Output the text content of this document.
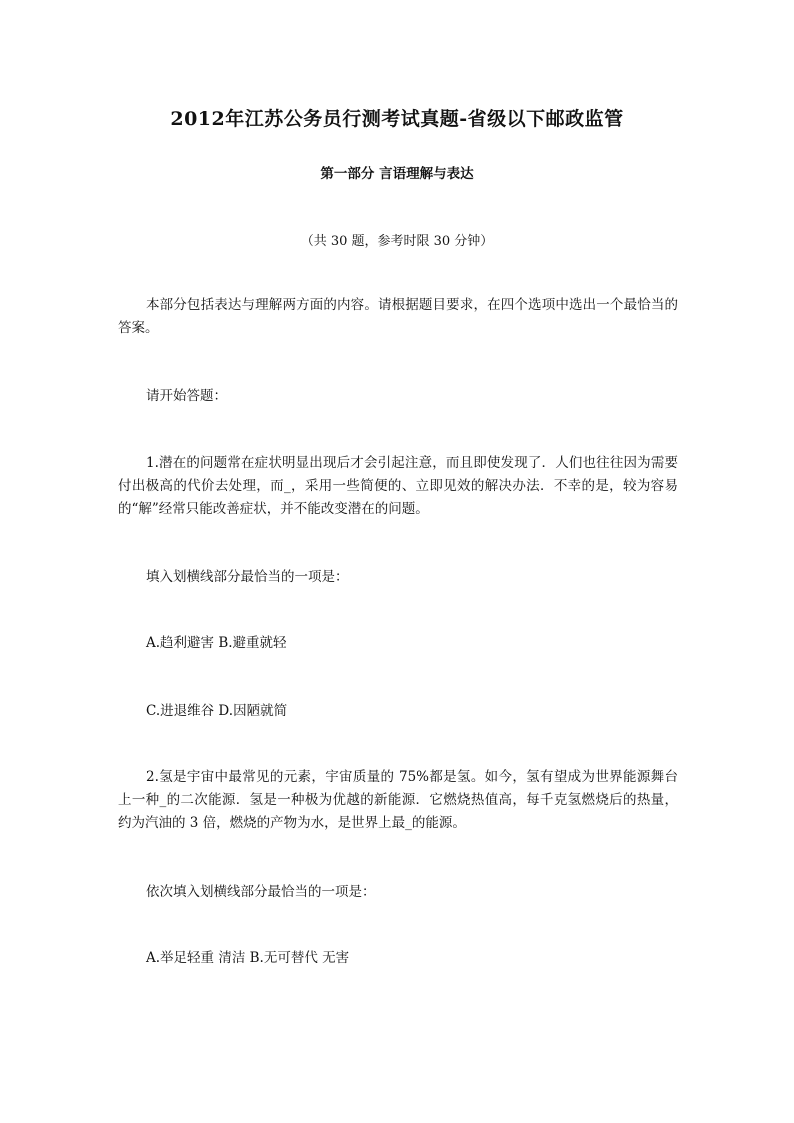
2012年江苏公务员行测考试真题-省级以下邮政监管
第一部分 言语理解与表达
（共 30 题，参考时限 30 分钟）

本部分包括表达与理解两方面的内容。请根据题目要求，在四个选项中选出一个最恰当的答案。

请开始答题：

1.潜在的问题常在症状明显出现后才会引起注意，而且即使发现了．人们也往往因为需要付出极高的代价去处理，而_，采用一些简便的、立即见效的解决办法．不幸的是，较为容易的“解”经常只能改善症状，并不能改变潜在的问题。

填入划横线部分最恰当的一项是：
A.趋利避害 B.避重就轻
C.进退维谷 D.因陋就简

2.氢是宇宙中最常见的元素，宇宙质量的 75%都是氢。如今，氢有望成为世界能源舞台上一种_的二次能源．氢是一种极为优越的新能源．它燃烧热值高，每千克氢燃烧后的热量，约为汽油的 3 倍，燃烧的产物为水，是世界上最_的能源。

依次填入划横线部分最恰当的一项是：
A.举足轻重 清洁 B.无可替代 无害
